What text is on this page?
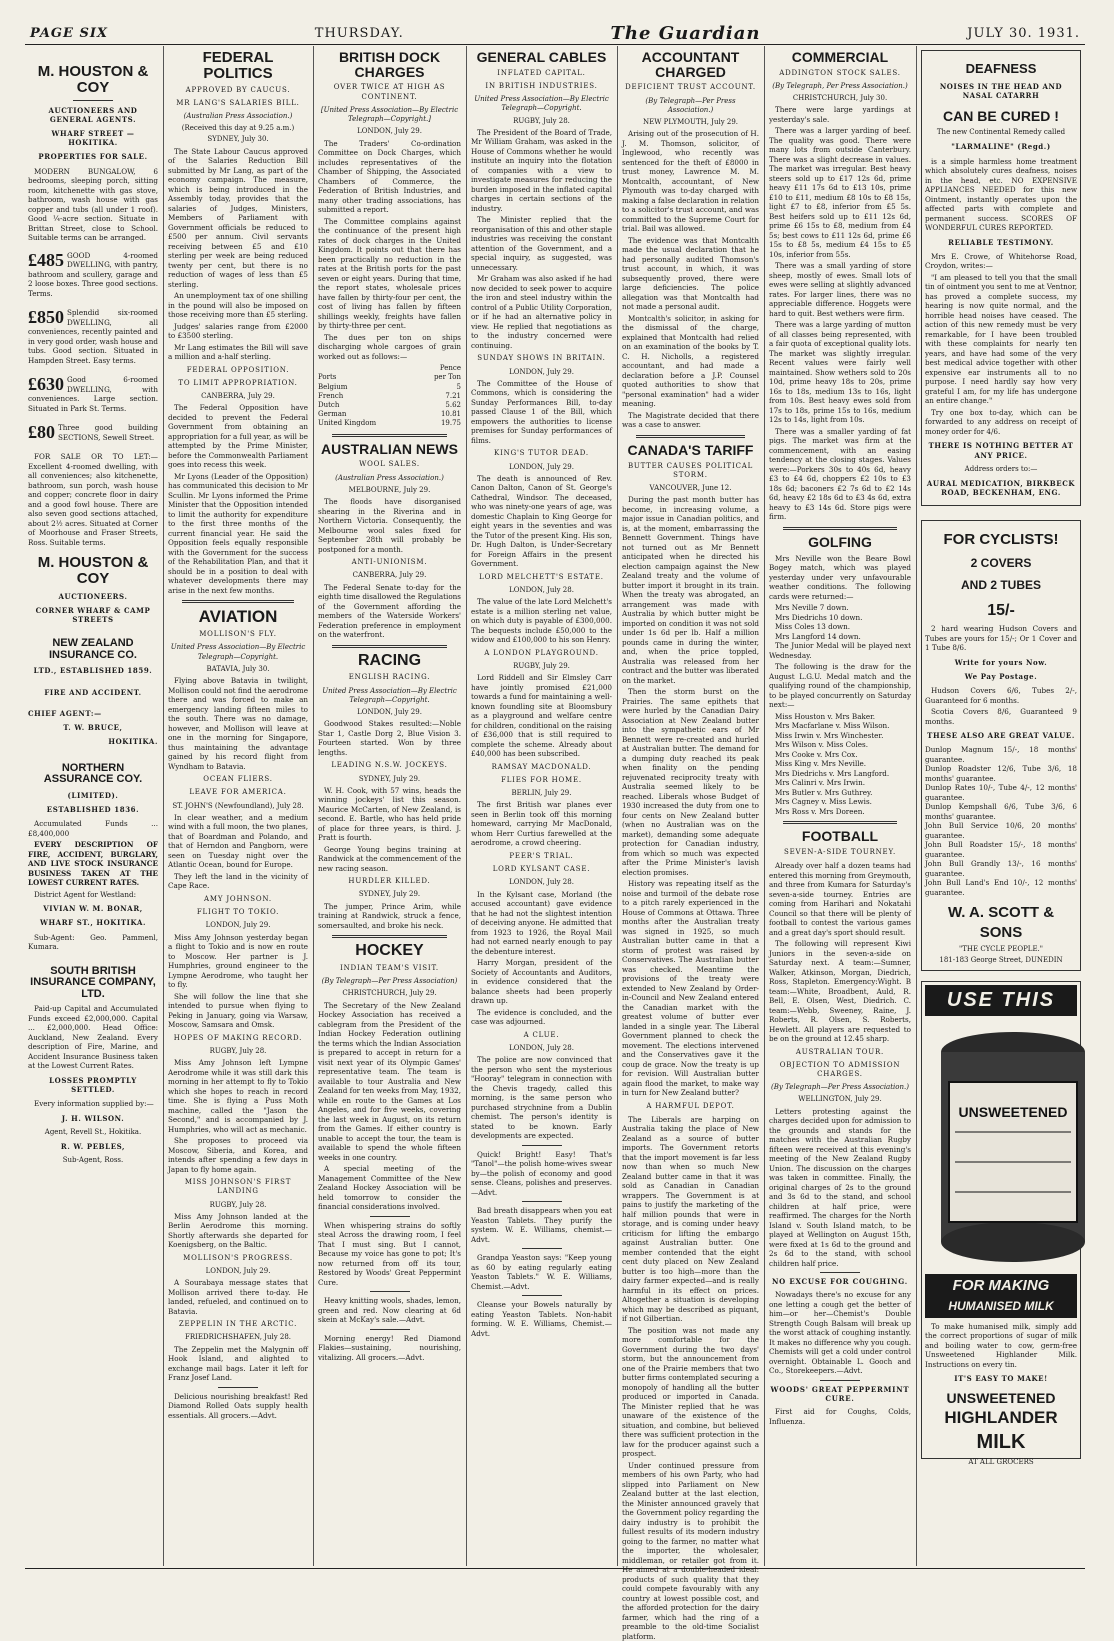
PAGE SIX	THURSDAY.	The Guardian	JULY 30. 1931.
M. HOUSTON & COY
AUCTIONEERS AND GENERAL AGENTS.
WHARF STREET — HOKITIKA.
PROPERTIES FOR SALE.

MODERN BUNGALOW, 6 bedrooms, sleeping porch, sitting room, kitchenette with gas stove, bathroom, wash house with gas copper and tubs (all under 1 roof). Good ¼-acre section. Situate in Brittan Street, close to School. Suitable terms can be arranged.

£485 GOOD 4-roomed DWELLING, with pantry, bathroom and scullery, garage and 2 loose boxes. Three good sections. Terms.
£850 Splendid six-roomed DWELLING, all conveniences, recently painted and in very good order, wash house and tubs. Good section. Situated in Hampden Street. Easy terms.
£630 Good 6-roomed DWELLING, with conveniences. Large section. Situated in Park St. Terms.
£80 Three good building SECTIONS, Sewell Street.

FOR SALE OR TO LET:—Excellent 4-roomed dwelling, with all conveniences; also kitchenette, bathroom, sun porch, wash house and copper; concrete floor in dairy and a good fowl house. There are also seven good sections attached, about 2½ acres. Situated at Corner of Moorhouse and Fraser Streets, Ross. Suitable terms.

M. HOUSTON & COY
AUCTIONEERS.
CORNER WHARF & CAMP STREETS
NEW ZEALAND INSURANCE CO.
LTD., ESTABLISHED 1859.
FIRE AND ACCIDENT.
CHIEF AGENT:—
T. W. BRUCE,
HOKITIKA.
NORTHERN ASSURANCE COY.
(LIMITED).
ESTABLISHED 1836.

Accumulated Funds ... £8,400,000

EVERY DESCRIPTION OF FIRE, ACCIDENT, BURGLARY, AND LIVE STOCK INSURANCE BUSINESS TAKEN AT THE LOWEST CURRENT RATES.

District Agent for Westland:

VIVIAN W. M. BONAR,
WHARF ST., HOKITIKA.

Sub-Agent: Geo. Pammenl, Kumara.

SOUTH BRITISH INSURANCE COMPANY, LTD.

Paid-up Capital and Accumulated Funds exceed £2,000,000. Capital ... £2,000,000. Head Office: Auckland, New Zealand. Every description of Fire, Marine, and Accident Insurance Business taken at the Lowest Current Rates.

LOSSES PROMPTLY SETTLED.

Every information supplied by:—

J. H. WILSON.
Agent, Revell St., Hokitika.
R. W. PEBLES,
Sub-Agent, Ross.
FEDERAL POLITICS
APPROVED BY CAUCUS.
MR LANG'S SALARIES BILL.
(Australian Press Association.)
(Received this day at 9.25 a.m.)
SYDNEY, July 30.

The State Labour Caucus approved of the Salaries Reduction Bill submitted by Mr Lang, as part of the economy campaign. The measure, which is being introduced in the Assembly today, provides that the salaries of Judges, Ministers, Members of Parliament with Government officials be reduced to £500 per annum. Civil servants receiving between £5 and £10 sterling per week are being reduced twenty per cent, but there is no reduction of wages of less than £5 sterling.

An unemployment tax of one shilling in the pound will also be imposed on those receiving more than £5 sterling.

Judges' salaries range from £2000 to £3500 sterling.

Mr Lang estimates the Bill will save a million and a-half sterling.

FEDERAL OPPOSITION.
TO LIMIT APPROPRIATION.
CANBERRA, July 29.

The Federal Opposition have decided to prevent the Federal Government from obtaining an appropriation for a full year, as will be attempted by the Prime Minister, before the Commonwealth Parliament goes into recess this week.

Mr Lyons (Leader of the Opposition) has communicated this decision to Mr Scullin. Mr Lyons informed the Prime Minister that the Opposition intended to limit the authority for expenditure to the first three months of the current financial year. He said the Opposition feels equally responsible with the Government for the success of the Rehabilitation Plan, and that it should be in a position to deal with whatever developments there may arise in the next few months.

AVIATION
MOLLISON'S FLY.
United Press Association—By Electric Telegraph—Copyright.
BATAVIA, July 30.

Flying above Batavia in twilight, Mollison could not find the aerodrome there and was forced to make an emergency landing fifteen miles to the south. There was no damage, however, and Mollison will leave at one in the morning for Singapore, thus maintaining the advantage gained by his record flight from Wyndham to Batavia.

OCEAN FLIERS.
LEAVE FOR AMERICA.
ST. JOHN'S (Newfoundland), July 28.

In clear weather, and a medium wind with a full moon, the two planes, that of Boardman and Polando, and that of Herndon and Pangborn, were seen on Tuesday night over the Atlantic Ocean, bound for Europe.

They left the land in the vicinity of Cape Race.

AMY JOHNSON.
FLIGHT TO TOKIO.
LONDON, July 29.

Miss Amy Johnson yesterday began a flight to Tokio and is now en route to Moscow. Her partner is J. Humphries, ground engineer to the Lympne Aerodrome, who taught her to fly.

She will follow the line that she intended to pursue when flying to Peking in January, going via Warsaw, Moscow, Samsara and Omsk.

HOPES OF MAKING RECORD.
RUGBY, July 28.

Miss Amy Johnson left Lympne Aerodrome while it was still dark this morning in her attempt to fly to Tokio which she hopes to reach in record time. She is flying a Puss Moth machine, called the "Jason the Second," and is accompanied by J. Humphries, who will act as mechanic.

She proposes to proceed via Moscow, Siberia, and Korea, and intends after spending a few days in Japan to fly home again.

MISS JOHNSON'S FIRST LANDING
RUGBY, July 28.

Miss Amy Johnson landed at the Berlin Aerodrome this morning. Shortly afterwards she departed for Koenigsberg, on the Baltic.

MOLLISON'S PROGRESS.
LONDON, July 29.

A Sourabaya message states that Mollison arrived there to-day. He landed, refueled, and continued on to Batavia.

ZEPPELIN IN THE ARCTIC.
FRIEDRICHSHAFEN, July 28.

The Zeppelin met the Malygnin off Hook Island, and alighted to exchange mail bags. Later it left for Franz Josef Land.

Delicious nourishing breakfast! Red Diamond Rolled Oats supply health essentials. All grocers.—Advt.

BRITISH DOCK CHARGES
OVER TWICE AT HIGH AS CONTINENT.
[United Press Association—By Electric Telegraph—Copyright.]
LONDON, July 29.

The Traders' Co-ordination Committee on Dock Charges, which includes representatives of the Chamber of Shipping, the Associated Chambers of Commerce, the Federation of British Industries, and many other trading associations, has submitted a report.

The Committee complains against the continuance of the present high rates of dock charges in the United Kingdom. It points out that there has been practically no reduction in the rates at the British ports for the past seven or eight years. During that time, the report states, wholesale prices have fallen by thirty-four per cent, the cost of living has fallen by fifteen shillings weekly, freights have fallen by thirty-three per cent.

The dues per ton on ships discharging whole cargoes of grain worked out as follows:—

	Pence
Ports	per Ton
Belgium	5
French	7.21
Dutch	5.62
German	10.81
United Kingdom	19.75
AUSTRALIAN NEWS
WOOL SALES.
(Australian Press Association.)
MELBOURNE, July 29.

The floods have disorganised shearing in the Riverina and in Northern Victoria. Consequently, the Melbourne wool sales fixed for September 28th will probably be postponed for a month.

ANTI-UNIONISM.
CANBERRA, July 29.

The Federal Senate to-day for the eighth time disallowed the Regulations of the Government affording the members of the Waterside Workers' Federation preference in employment on the waterfront.

RACING
ENGLISH RACING.
United Press Association—By Electric Telegraph—Copyright.
LONDON, July 29.

Goodwood Stakes resulted:—Noble Star 1, Castle Dorg 2, Blue Vision 3. Fourteen started. Won by three lengths.

LEADING N.S.W. JOCKEYS.
SYDNEY, July 29.

W. H. Cook, with 57 wins, heads the winning jockeys' list this season. Maurice McCarten, of New Zealand, is second. E. Bartle, who has held pride of place for three years, is third. J. Pratt is fourth.

George Young begins training at Randwick at the commencement of the new racing season.

HURDLER KILLED.
SYDNEY, July 29.

The jumper, Prince Arim, while training at Randwick, struck a fence, somersaulted, and broke his neck.

HOCKEY
INDIAN TEAM'S VISIT.
(By Telegraph—Per Press Association)
CHRISTCHURCH, July 29.

The Secretary of the New Zealand Hockey Association has received a cablegram from the President of the Indian Hockey Federation outlining the terms which the Indian Association is prepared to accept in return for a visit next year of its Olympic Games' representative team. The team is available to tour Australia and New Zealand for ten weeks from May, 1932, while en route to the Games at Los Angeles, and for five weeks, covering the last week in August, on its return from the Games. If either country is unable to accept the tour, the team is available to spend the whole fifteen weeks in one country.

A special meeting of the Management Committee of the New Zealand Hockey Association will be held tomorrow to consider the financial considerations involved.

When whispering strains do softly steal Across the drawing room, I feel That I must sing. But I cannot, Because my voice has gone to pot; It's now returned from off its tour, Restored by Woods' Great Peppermint Cure.

Heavy knitting wools, shades, lemon, green and red. Now clearing at 6d skein at McKay's sale.—Advt.

Morning energy! Red Diamond Flakies—sustaining, nourishing, vitalizing. All grocers.—Advt.

GENERAL CABLES
INFLATED CAPITAL.
IN BRITISH INDUSTRIES.
United Press Association—By Electric Telegraph—Copyright.
RUGBY, July 28.

The President of the Board of Trade, Mr William Graham, was asked in the House of Commons whether he would institute an inquiry into the flotation of companies with a view to investigate measures for reducing the burden imposed in the inflated capital charges in certain sections of the industry.

The Minister replied that the reorganisation of this and other staple industries was receiving the constant attention of the Government, and a special inquiry, as suggested, was unnecessary.

Mr Graham was also asked if he had now decided to seek power to acquire the iron and steel industry within the control of a Public Utility Corporation, or if he had an alternative policy in view. He replied that negotiations as to the industry concerned were continuing.

SUNDAY SHOWS IN BRITAIN.
LONDON, July 29.

The Committee of the House of Commons, which is considering the Sunday Performances Bill, to-day passed Clause 1 of the Bill, which empowers the authorities to license premises for Sunday performances of films.

KING'S TUTOR DEAD.
LONDON, July 29.

The death is announced of Rev. Canon Dalton, Canon of St. George's Cathedral, Windsor. The deceased, who was ninety-one years of age, was domestic Chaplain to King George for eight years in the seventies and was the Tutor of the present King. His son, Dr. Hugh Dalton, is Under-Secretary for Foreign Affairs in the present Government.

LORD MELCHETT'S ESTATE.
LONDON, July 28.

The value of the late Lord Melchett's estate is a million sterling net value, on which duty is payable of £300,000. The bequests include £50,000 to the widow and £100,000 to his son Henry.

A LONDON PLAYGROUND.
RUGBY, July 29.

Lord Riddell and Sir Elmsley Carr have jointly promised £21,000 towards a fund for maintaining a well-known foundling site at Bloomsbury as a playground and welfare centre for children, conditional on the raising of £36,000 that is still required to complete the scheme. Already about £40,000 has been subscribed.

RAMSAY MACDONALD.
FLIES FOR HOME.
BERLIN, July 29.

The first British war planes ever seen in Berlin took off this morning homeward, carrying Mr MacDonald, whom Herr Curtius farewelled at the aerodrome, a crowd cheering.

PEER'S TRIAL.
LORD KYLSANT CASE.
LONDON, July 28.

In the Kylsant case, Morland (the accused accountant) gave evidence that he had not the slightest intention of deceiving anyone. He admitted that from 1923 to 1926, the Royal Mail had not earned nearly enough to pay the debenture interest.

Harry Morgan, president of the Society of Accountants and Auditors, in evidence considered that the balance sheets had been properly drawn up.

The evidence is concluded, and the case was adjourned.

A CLUE.
LONDON, July 28.

The police are now convinced that the person who sent the mysterious "Hooray" telegram in connection with the Chevis tragedy, called this morning, is the same person who purchased strychnine from a Dublin chemist. The person's identity is stated to be known. Early developments are expected.

Quick! Bright! Easy! That's "Tanol"—the polish home-wives swear by—the polish of economy and good sense. Cleans, polishes and preserves.—Advt.

Bad breath disappears when you eat Yeaston Tablets. They purify the system. W. E. Williams, chemist.—Advt.

Grandpa Yeaston says: "Keep young as 60 by eating regularly eating Yeaston Tablets." W. E. Williams, Chemist.—Advt.

Cleanse your Bowels naturally by eating Yeaston Tablets. Non-habit forming. W. E. Williams, Chemist.—Advt.

ACCOUNTANT CHARGED
DEFICIENT TRUST ACCOUNT.
(By Telegraph—Per Press Association.)
NEW PLYMOUTH, July 29.

Arising out of the prosecution of H. J. M. Thomson, solicitor, of Inglewood, who recently was sentenced for the theft of £8000 in trust money, Lawrence M. M. Montcalth, accountant, of New Plymouth was to-day charged with making a false declaration in relation to a solicitor's trust account, and was committed to the Supreme Court for trial. Bail was allowed.

The evidence was that Montcalth made the usual declaration that he had personally audited Thomson's trust account, in which, it was subsequently proved, there were large deficiencies. The police allegation was that Montcalth had not made a personal audit.

Montcalth's solicitor, in asking for the dismissal of the charge, explained that Montcalth had relied on an examination of the books by T. C. H. Nicholls, a registered accountant, and had made a declaration before a J.P. Counsel quoted authorities to show that "personal examination" had a wider meaning.

The Magistrate decided that there was a case to answer.

CANADA'S TARIFF
BUTTER CAUSES POLITICAL STORM.
VANCOUVER, June 12.

During the past month butter has become, in increasing volume, a major issue in Canadian politics, and is, at the moment, embarrassing the Bennett Government. Things have not turned out as Mr Bennett anticipated when he directed his election campaign against the New Zealand treaty and the volume of butter import it brought in its train. When the treaty was abrogated, an arrangement was made with Australia by which butter might be imported on condition it was not sold under 1s 6d per lb. Half a million pounds came in during the winter, and, when the price toppled, Australia was released from her contract and the butter was liberated on the market.

Then the storm burst on the Prairies. The same epithets that were hurled by the Canadian Dairy Association at New Zealand butter into the sympathetic ears of Mr Bennett were re-created and hurled at Australian butter. The demand for a dumping duty reached its peak when finality on the pending rejuvenated reciprocity treaty with Australia seemed likely to be reached. Liberals whose Budget of 1930 increased the duty from one to four cents on New Zealand butter (when no Australian was on the market), demanding some adequate protection for Canadian industry, from which so much was expected after the Prime Minister's lavish election promises.

History was repeating itself as the noise and turmoil of the debate rose to a pitch rarely experienced in the House of Commons at Ottawa. Three months after the Australian treaty was signed in 1925, so much Australian butter came in that a storm of protest was raised by Conservatives. The Australian butter was checked. Meantime the provisions of the treaty were extended to New Zealand by Order-in-Council and New Zealand entered the Canadian market with the greatest volume of butter ever landed in a single year. The Liberal Government planned to check the movement. The elections intervened and the Conservatives gave it the coup de grace. Now the treaty is up for revision. Will Australian butter again flood the market, to make way in turn for New Zealand butter?

A HARMFUL DEPOT.

The Liberals are harping on Australia taking the place of New Zealand as a source of butter imports. The Government retorts that the import movement is far less now than when so much New Zealand butter came in that it was sold as Canadian in Canadian wrappers. The Government is at pains to justify the marketing of the half million pounds that were in storage, and is coming under heavy criticism for lifting the embargo against Australian butter. One member contended that the eight cent duty placed on New Zealand butter is too high—more than the dairy farmer expected—and is really harmful in its effect on prices. Altogether a situation is developing which may be described as piquant, if not Gilbertian.

The position was not made any more comfortable for the Government during the two days' storm, but the announcement from one of the Prairie members that two butter firms contemplated securing a monopoly of handling all the butter produced or imported in Canada. The Minister replied that he was unaware of the existence of the situation, and combine, but believed there was sufficient protection in the law for the producer against such a prospect.

Under continued pressure from members of his own Party, who had slipped into Parliament on New Zealand butter at the last election, the Minister announced gravely that the Government policy regarding the dairy industry is to prohibit the fullest results of its modern industry going to the farmer, no matter what the importer, the wholesaler, middleman, or retailer got from it. He aimed at a double-headed ideal: products of such quality that they could compete favourably with any country at lowest possible cost, and the afforded protection for the dairy farmer, which had the ring of a preamble to the old-time Socialist platform.

COMMERCIAL
ADDINGTON STOCK SALES.
(By Telegraph, Per Press Association.)
CHRISTCHURCH, July 30.

There were large yardings at yesterday's sale.

There was a larger yarding of beef. The quality was good. There were many lots from outside Canterbury. There was a slight decrease in values. The market was irregular. Best heavy steers sold up to £17 12s 6d, prime heavy £11 17s 6d to £13 10s, prime £10 to £11, medium £8 10s to £8 15s, light £7 to £8, inferior from £5 5s. Best heifers sold up to £11 12s 6d, prime £6 15s to £8, medium from £4 5s; best cows to £11 12s 6d, prime £6 15s to £8 5s, medium £4 15s to £5 10s, inferior from 55s.

There was a small yarding of store sheep, mostly of ewes. Small lots of ewes were selling at slightly advanced rates. For larger lines, there was no appreciable difference. Hoggets were hard to quit. Best wethers were firm.

There was a large yarding of mutton of all classes being represented, with a fair quota of exceptional quality lots. The market was slightly irregular. Recent values were fairly well maintained. Show wethers sold to 20s 10d, prime heavy 18s to 20s, prime 16s to 18s, medium 13s to 16s, light from 10s. Best heavy ewes sold from 17s to 18s, prime 15s to 16s, medium 12s to 14s, light from 10s.

There was a smaller yarding of fat pigs. The market was firm at the commencement, with an easing tendency at the closing stages. Values were:—Porkers 30s to 40s 6d, heavy £3 to £4 6d, choppers £2 10s to £3 18s 6d; baconers £2 7s 6d to £2 14s 6d, heavy £2 18s 6d to £3 4s 6d, extra heavy to £3 14s 6d. Store pigs were firm.

GOLFING

Mrs Neville won the Beare Bowl Bogey match, which was played yesterday under very unfavourable weather conditions. The following cards were returned:—

Mrs Neville 7 down.
Mrs Diedrichs 10 down.
Miss Coles 13 down.
Mrs Langford 14 down.

The Junior Medal will be played next Wednesday.

The following is the draw for the August L.G.U. Medal match and the qualifying round of the championship, to be played concurrently on Saturday next:—

Miss Houston v. Mrs Baker.
Mrs Macfarlane v. Miss Wilson.
Miss Irwin v. Mrs Winchester.
Mrs Wilson v. Miss Coles.
Mrs Cooke v. Mrs Cox.
Miss King v. Mrs Neville.
Mrs Diedrichs v. Mrs Langford.
Mrs Calinri v. Mrs Irwin.
Mrs Butler v. Mrs Guthrey.
Mrs Cagney v. Miss Lewis.
Mrs Ross v. Mrs Doreen.
FOOTBALL
SEVEN-A-SIDE TOURNEY.

Already over half a dozen teams had entered this morning from Greymouth, and three from Kumara for Saturday's seven-a-side tourney. Entries are coming from Harihari and Nokatahi Council so that there will be plenty of football to contest the various games and a great day's sport should result.

The following will represent Kiwi Juniors in the seven-a-side on Saturday next. A team:—Sumner, Walker, Atkinson, Morgan, Diedrich, Ross, Stapleton. Emergency:Wight. B team:—White, Broadbent, Auld, R. Bell, E. Olsen, West, Diedrich. C. team:—Webb, Sweeney, Raine, J. Roberts, R. Olsen, S. Roberts, Hewlett. All players are requested to be on the ground at 12.45 sharp.

AUSTRALIAN TOUR.
OBJECTION TO ADMISSION CHARGES.
(By Telegraph—Per Press Association.)
WELLINGTON, July 29.

Letters protesting against the charges decided upon for admission to the grounds and stands for the matches with the Australian Rugby fifteen were received at this evening's meeting of the New Zealand Rugby Union. The discussion on the charges was taken in committee. Finally, the original charges of 2s to the ground and 3s 6d to the stand, and school children at half price, were reaffirmed. The charges for the North Island v. South Island match, to be played at Wellington on August 15th, were fixed at 1s 6d to the ground and 2s 6d to the stand, with school children half price.

NO EXCUSE FOR COUGHING.

Nowadays there's no excuse for any one letting a cough get the better of him—or her—Chemist's Double Strength Cough Balsam will break up the worst attack of coughing instantly. It makes no difference why you cough. Chemists will get a cold under control overnight. Obtainable L. Gooch and Co., Storekeepers.—Advt.

WOODS' GREAT PEPPERMINT CURE.

First aid for Coughs, Colds, Influenza.

DEAFNESS
NOISES IN THE HEAD AND NASAL CATARRH
CAN BE CURED !
The new Continental Remedy called
"LARMALINE" (Regd.)

is a simple harmless home treatment which absolutely cures deafness, noises in the head, etc. NO EXPENSIVE APPLIANCES NEEDED for this new Ointment, instantly operates upon the affected parts with complete and permanent success. SCORES OF WONDERFUL CURES REPORTED.

RELIABLE TESTIMONY.

Mrs E. Crowe, of Whitehorse Road, Croydon, writes:—

"I am pleased to tell you that the small tin of ointment you sent to me at Ventnor, has proved a complete success, my hearing is now quite normal, and the horrible head noises have ceased. The action of this new remedy must be very remarkable, for I have been troubled with these complaints for nearly ten years, and have had some of the very best medical advice together with other expensive ear instruments all to no purpose. I need hardly say how very grateful I am, for my life has undergone an entire change."

Try one box to-day, which can be forwarded to any address on receipt of money order for 4/6.

THERE IS NOTHING BETTER AT ANY PRICE.
Address orders to:—
AURAL MEDICATION, BIRKBECK ROAD, BECKENHAM, ENG.
FOR CYCLISTS!
2 COVERS
AND 2 TUBES
15/-

2 hard wearing Hudson Covers and Tubes are yours for 15/-; Or 1 Cover and 1 Tube 8/6.

Write for yours Now.
We Pay Postage.

Hudson Covers 6/6, Tubes 2/-, Guaranteed for 6 months.

Scotia Covers 8/6, Guaranteed 9 months.

THESE ALSO ARE GREAT VALUE.
Dunlop Magnum 15/-, 18 months' guarantee.
Dunlop Roadster 12/6, Tube 3/6, 18 months' guarantee.
Dunlop Rates 10/-, Tube 4/-, 12 months' guarantee.
Dunlop Kempshall 6/6, Tube 3/6, 6 months' guarantee.
John Bull Service 10/6, 20 months' guarantee.
John Bull Roadster 15/-, 18 months' guarantee.
John Bull Grandly 13/-, 16 months' guarantee.
John Bull Land's End 10/-, 12 months' guarantee.
W. A. SCOTT & SONS
"THE CYCLE PEOPLE."
181-183 George Street, DUNEDIN
USE THIS
UNSWEETENED
FOR MAKING
HUMANISED MILK

To make humanised milk, simply add the correct proportions of sugar of milk and boiling water to cow, germ-free Unsweetened Highlander Milk. Instructions on every tin.

IT'S EASY TO MAKE!
UNSWEETENED
HIGHLANDER
MILK
AT ALL GROCERS
